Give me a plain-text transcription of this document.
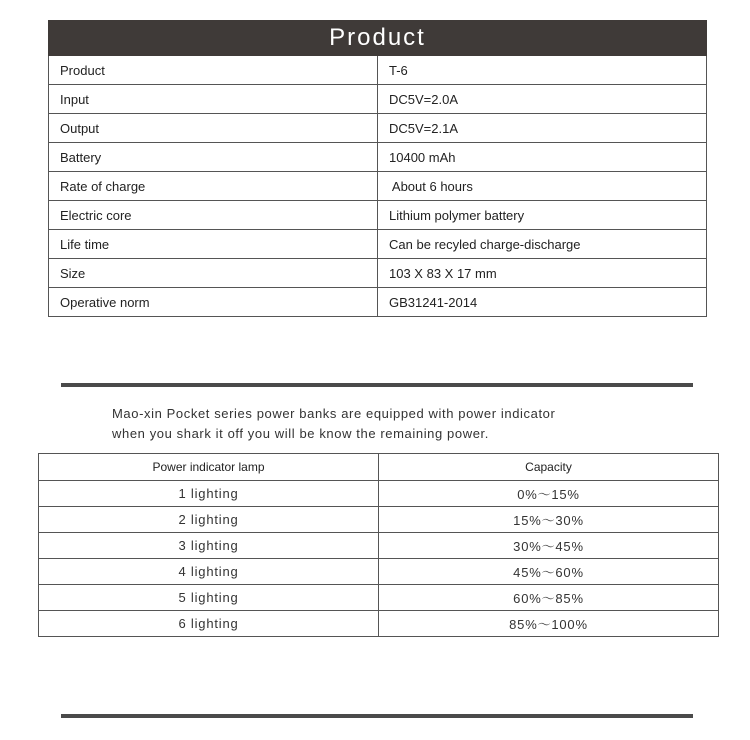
Product	
Product	T-6
Input	DC5V=2.0A
Output	DC5V=2.1A
Battery	10400 mAh
Rate of charge	About 6 hours
Electric core	Lithium polymer battery
Life time	Can be recyled charge-discharge
Size	103 X 83 X 17 mm
Operative norm	GB31241-2014
Mao-xin Pocket series power banks are equipped with power indicator
when you shark it off you will be know the remaining power.
Power indicator lamp	Capacity
1 lighting	0%～15%
2 lighting	15%～30%
3 lighting	30%～45%
4 lighting	45%～60%
5 lighting	60%～85%
6 lighting	85%～100%
